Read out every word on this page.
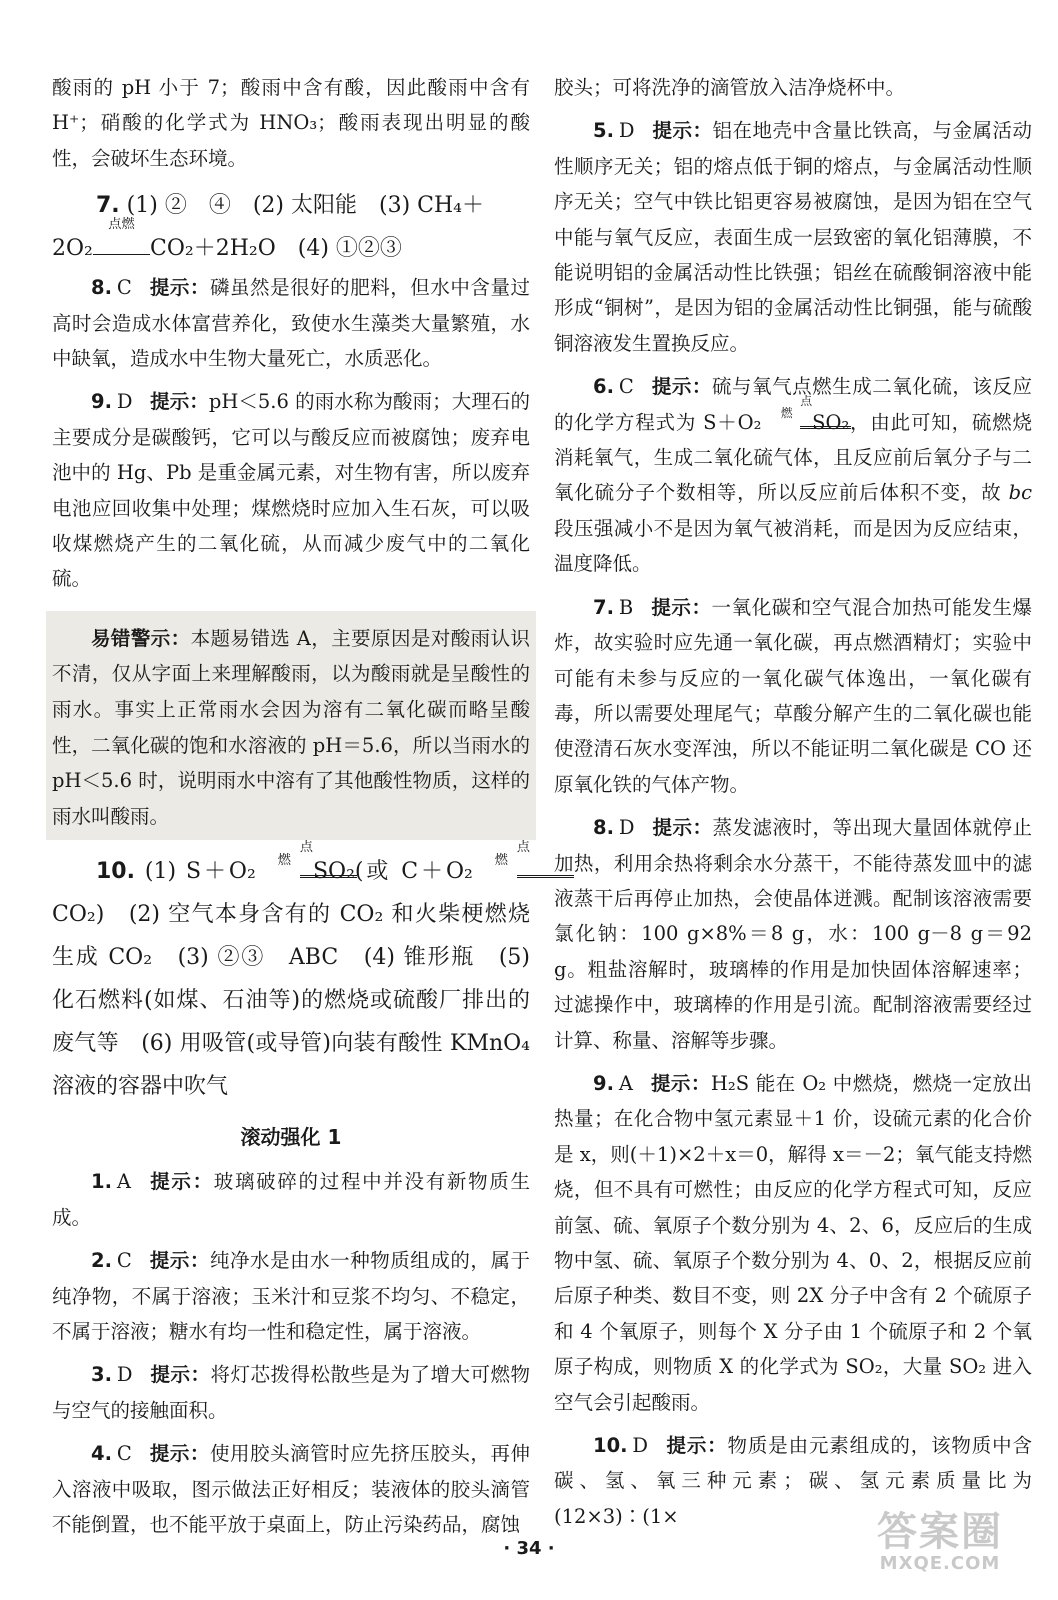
酸雨的 pH 小于 7；酸雨中含有酸，因此酸雨中含有 H⁺；硝酸的化学式为 HNO₃；酸雨表现出明显的酸性，会破坏生态环境。

7. (1) ②　④　(2) 太阳能　(3) CH₄＋
2O₂
点燃
CO₂＋2H₂O　(4) ①②③

8. C 提示：磷虽然是很好的肥料，但水中含量过高时会造成水体富营养化，致使水生藻类大量繁殖，水中缺氧，造成水中生物大量死亡，水质恶化。

9. D 提示：pH＜5.6 的雨水称为酸雨；大理石的主要成分是碳酸钙，它可以与酸反应而被腐蚀；废弃电池中的 Hg、Pb 是重金属元素，对生物有害，所以废弃电池应回收集中处理；煤燃烧时应加入生石灰，可以吸收煤燃烧产生的二氧化硫，从而减少废气中的二氧化硫。

易错警示：本题易错选 A，主要原因是对酸雨认识不清，仅从字面上来理解酸雨，以为酸雨就是呈酸性的雨水。事实上正常雨水会因为溶有二氧化碳而略呈酸性，二氧化碳的饱和水溶液的 pH＝5.6，所以当雨水的 pH＜5.6 时，说明雨水中溶有了其他酸性物质，这样的雨水叫酸雨。

10. (1) S＋O₂
点燃	SO₂(或 C＋O₂
点燃
CO₂)　(2) 空气本身含有的 CO₂ 和火柴梗燃烧生成 CO₂　(3) ②③　ABC　(4) 锥形瓶　(5) 化石燃料(如煤、石油等)的燃烧或硫酸厂排出的废气等　(6) 用吸管(或导管)向装有酸性 KMnO₄ 溶液的容器中吹气

滚动强化 1

1. A 提示：玻璃破碎的过程中并没有新物质生成。

2. C 提示：纯净水是由水一种物质组成的，属于纯净物，不属于溶液；玉米汁和豆浆不均匀、不稳定，不属于溶液；糖水有均一性和稳定性，属于溶液。

3. D 提示：将灯芯拨得松散些是为了增大可燃物与空气的接触面积。

4. C 提示：使用胶头滴管时应先挤压胶头，再伸入溶液中吸取，图示做法正好相反；装液体的胶头滴管不能倒置，也不能平放于桌面上，防止污染药品，腐蚀

胶头；可将洗净的滴管放入洁净烧杯中。

5. D 提示：铝在地壳中含量比铁高，与金属活动性顺序无关；铝的熔点低于铜的熔点，与金属活动性顺序无关；空气中铁比铝更容易被腐蚀，是因为铝在空气中能与氧气反应，表面生成一层致密的氧化铝薄膜，不能说明铝的金属活动性比铁强；铝丝在硫酸铜溶液中能形成“铜树”，是因为铝的金属活动性比铜强，能与硫酸铜溶液发生置换反应。

6. C 提示：硫与氧气点燃生成二氧化硫，该反应的化学方程式为 S＋O₂
点燃	SO₂，由此可知，硫燃烧消耗氧气，生成二氧化硫气体，且反应前后氧分子与二氧化硫分子个数相等，所以反应前后体积不变，故 bc 段压强减小不是因为氧气被消耗，而是因为反应结束，温度降低。

7. B 提示：一氧化碳和空气混合加热可能发生爆炸，故实验时应先通一氧化碳，再点燃酒精灯；实验中可能有未参与反应的一氧化碳气体逸出，一氧化碳有毒，所以需要处理尾气；草酸分解产生的二氧化碳也能使澄清石灰水变浑浊，所以不能证明二氧化碳是 CO 还原氧化铁的气体产物。

8. D 提示：蒸发滤液时，等出现大量固体就停止加热，利用余热将剩余水分蒸干，不能待蒸发皿中的滤液蒸干后再停止加热，会使晶体迸溅。配制该溶液需要氯化钠：100 g×8%＝8 g，水：100 g－8 g＝92 g。粗盐溶解时，玻璃棒的作用是加快固体溶解速率；过滤操作中，玻璃棒的作用是引流。配制溶液需要经过计算、称量、溶解等步骤。

9. A 提示：H₂S 能在 O₂ 中燃烧，燃烧一定放出热量；在化合物中氢元素显＋1 价，设硫元素的化合价是 x，则(＋1)×2＋x＝0，解得 x＝－2；氧气能支持燃烧，但不具有可燃性；由反应的化学方程式可知，反应前氢、硫、氧原子个数分别为 4、2、6，反应后的生成物中氢、硫、氧原子个数分别为 4、0、2，根据反应前后原子种类、数目不变，则 2X 分子中含有 2 个硫原子和 4 个氧原子，则每个 X 分子由 1 个硫原子和 2 个氧原子构成，则物质 X 的化学式为 SO₂，大量 SO₂ 进入空气会引起酸雨。

10. D 提示：物质是由元素组成的，该物质中含碳、氢、氧三种元素；碳、氢元素质量比为(12×3)∶(1×

· 34 ·	答案圈
MXQE.COM
